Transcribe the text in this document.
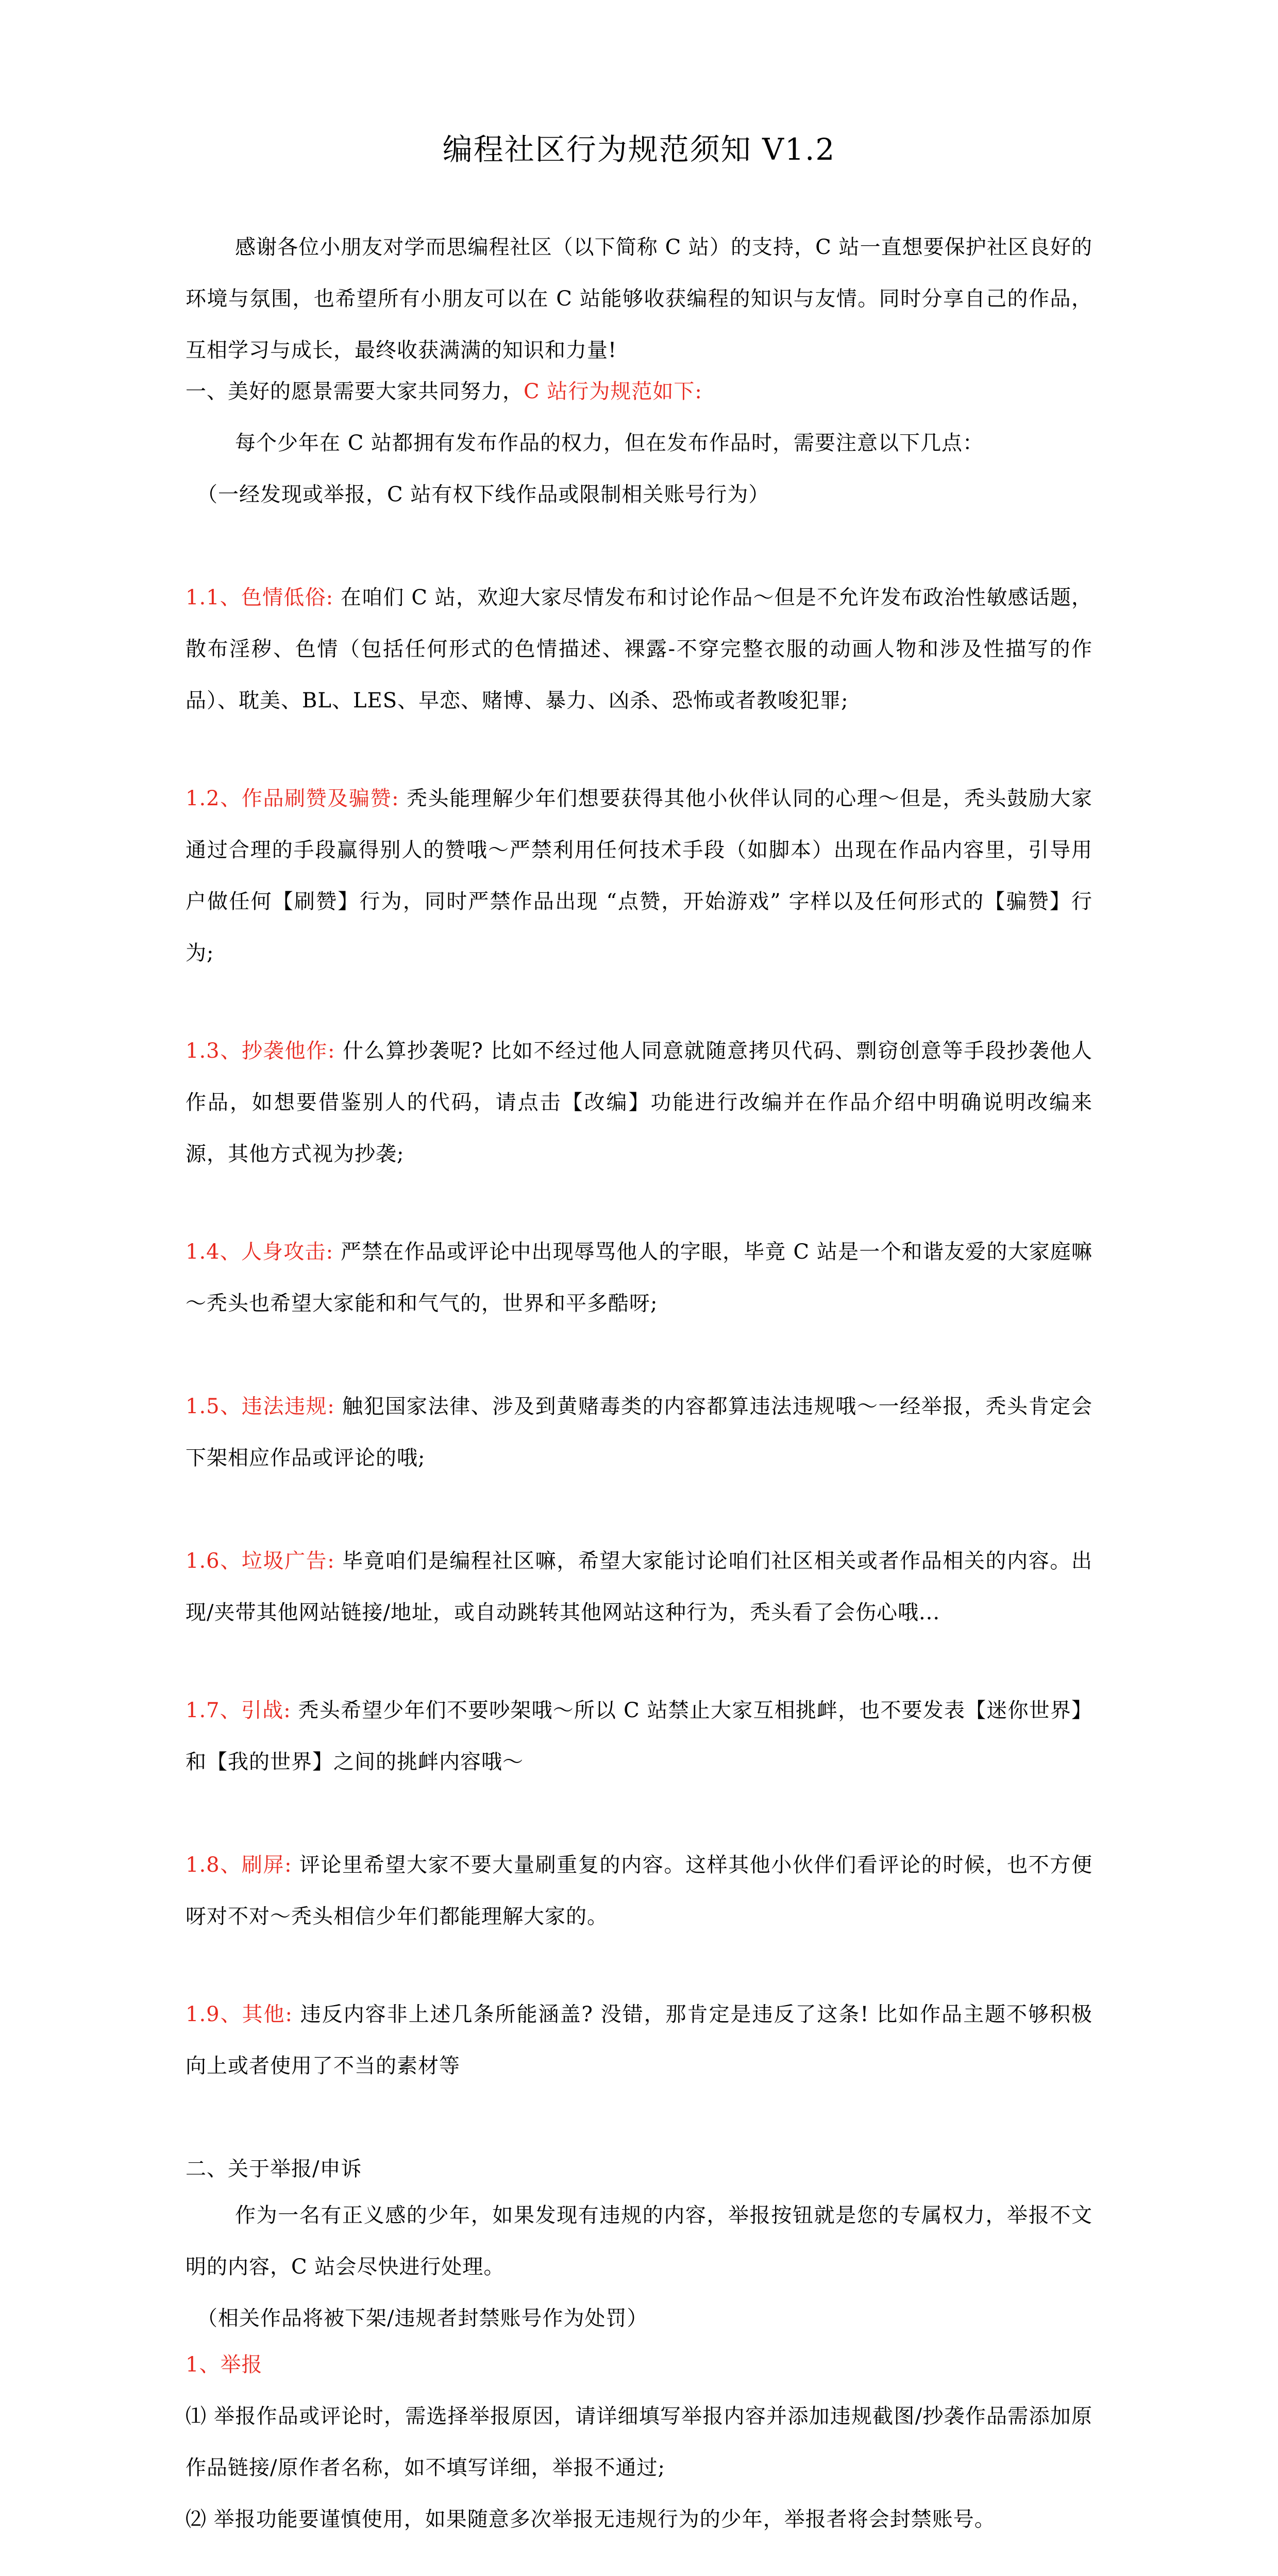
编程社区行为规范须知 V1.2

感谢各位小朋友对学而思编程社区（以下简称 C 站）的支持，C 站一直想要保护社区良好的环境与氛围，也希望所有小朋友可以在 C 站能够收获编程的知识与友情。同时分享自己的作品，互相学习与成长，最终收获满满的知识和力量!

一、美好的愿景需要大家共同努力，C 站行为规范如下:

每个少年在 C 站都拥有发布作品的权力，但在发布作品时，需要注意以下几点：

（一经发现或举报，C 站有权下线作品或限制相关账号行为）

1.1、色情低俗: 在咱们 C 站，欢迎大家尽情发布和讨论作品～但是不允许发布政治性敏感话题，散布淫秽、色情（包括任何形式的色情描述、裸露-不穿完整衣服的动画人物和涉及性描写的作品）、耽美、BL、LES、早恋、赌博、暴力、凶杀、恐怖或者教唆犯罪;

1.2、作品刷赞及骗赞: 秃头能理解少年们想要获得其他小伙伴认同的心理～但是，秃头鼓励大家通过合理的手段赢得别人的赞哦～严禁利用任何技术手段（如脚本）出现在作品内容里，引导用户做任何【刷赞】行为，同时严禁作品出现 “点赞，开始游戏” 字样以及任何形式的【骗赞】行为;

1.3、抄袭他作: 什么算抄袭呢? 比如不经过他人同意就随意拷贝代码、剽窃创意等手段抄袭他人作品，如想要借鉴别人的代码，请点击【改编】功能进行改编并在作品介绍中明确说明改编来源，其他方式视为抄袭;

1.4、人身攻击: 严禁在作品或评论中出现辱骂他人的字眼，毕竟 C 站是一个和谐友爱的大家庭嘛～秃头也希望大家能和和气气的，世界和平多酷呀;

1.5、违法违规: 触犯国家法律、涉及到黄赌毒类的内容都算违法违规哦～一经举报，秃头肯定会下架相应作品或评论的哦;

1.6、垃圾广告: 毕竟咱们是编程社区嘛，希望大家能讨论咱们社区相关或者作品相关的内容。出现/夹带其他网站链接/地址，或自动跳转其他网站这种行为，秃头看了会伤心哦...

1.7、引战: 秃头希望少年们不要吵架哦～所以 C 站禁止大家互相挑衅，也不要发表【迷你世界】和【我的世界】之间的挑衅内容哦～

1.8、刷屏: 评论里希望大家不要大量刷重复的内容。这样其他小伙伴们看评论的时候，也不方便呀对不对～秃头相信少年们都能理解大家的。

1.9、其他: 违反内容非上述几条所能涵盖? 没错，那肯定是违反了这条! 比如作品主题不够积极向上或者使用了不当的素材等

二、关于举报/申诉

作为一名有正义感的少年，如果发现有违规的内容，举报按钮就是您的专属权力，举报不文明的内容，C 站会尽快进行处理。

（相关作品将被下架/违规者封禁账号作为处罚）

1、举报

⑴ 举报作品或评论时，需选择举报原因，请详细填写举报内容并添加违规截图/抄袭作品需添加原作品链接/原作者名称，如不填写详细，举报不通过;

⑵ 举报功能要谨慎使用，如果随意多次举报无违规行为的少年，举报者将会封禁账号。
